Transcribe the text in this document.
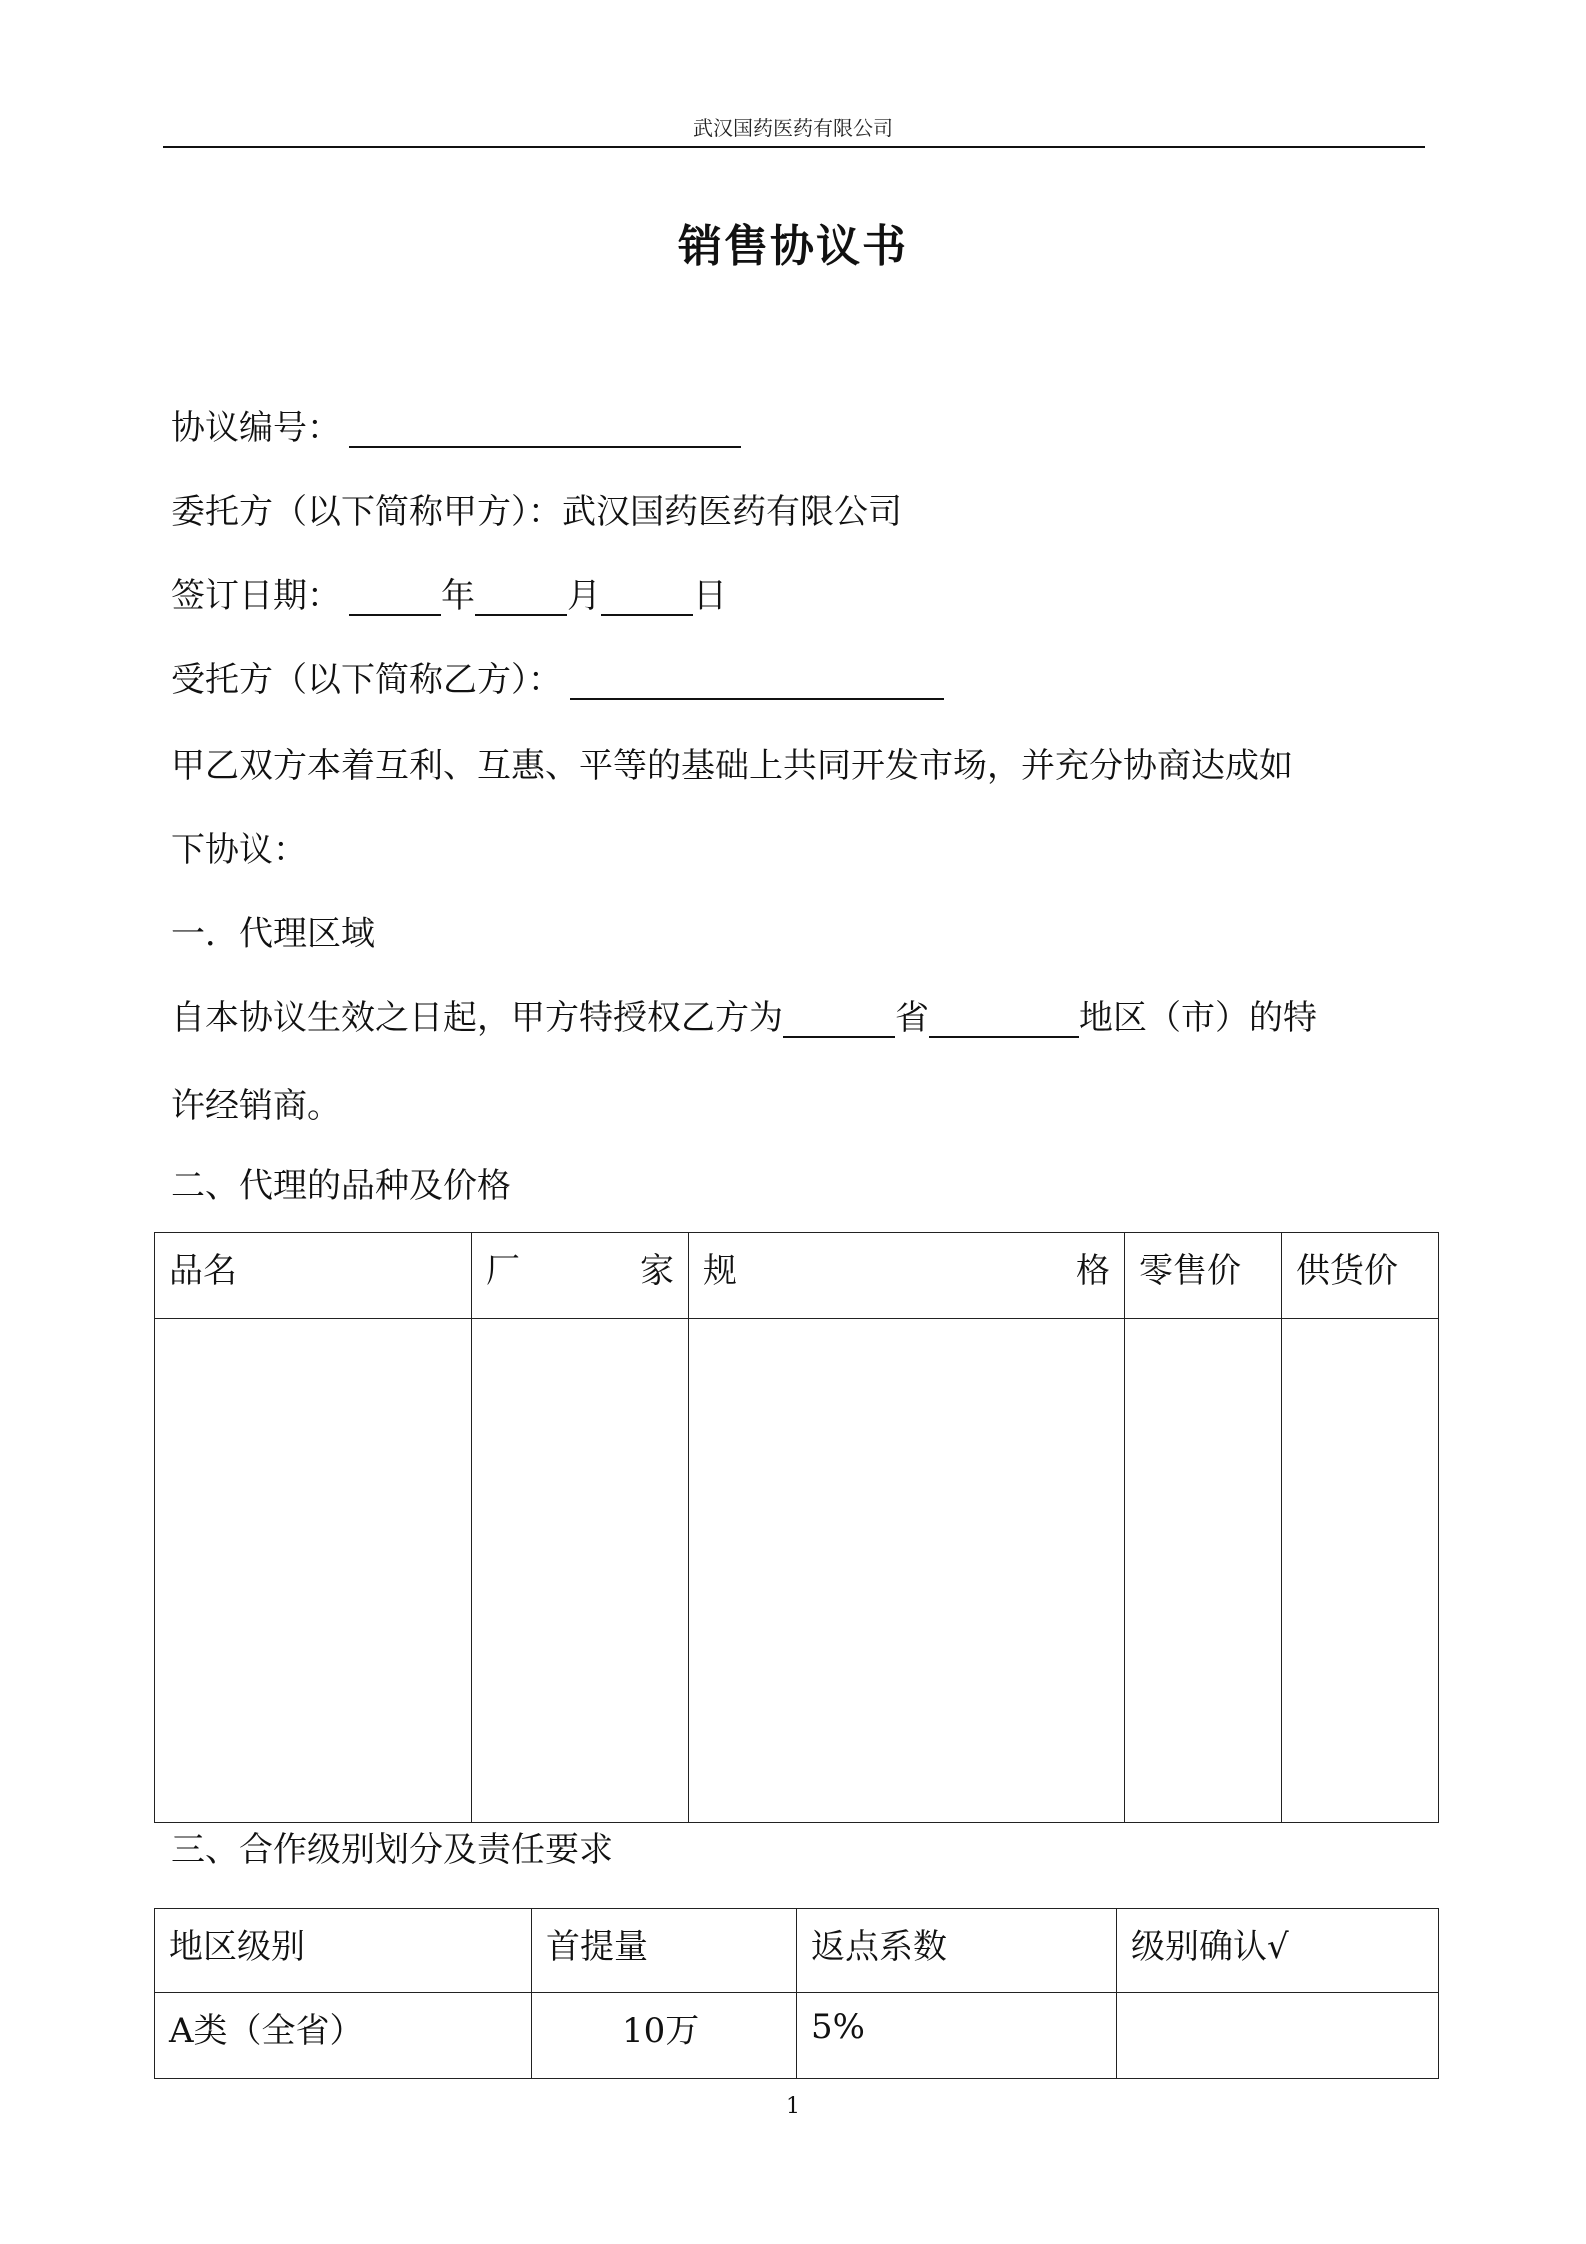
武汉国药医药有限公司
销售协议书
协议编号：
委托方（以下简称甲方）：武汉国药医药有限公司
签订日期：	年	月	日
受托方（以下简称乙方）：
甲乙双方本着互利、互惠、平等的基础上共同开发市场，并充分协商达成如
下协议：
一．代理区域
自本协议生效之日起，甲方特授权乙方为	省	地区（市）的特
许经销商。
二、代理的品种及价格
品名	厂 家	规 格	零售价	供货价

三、合作级别划分及责任要求
地区级别	首提量	返点系数	级别确认√
A类（全省）	10万	5%	
1
